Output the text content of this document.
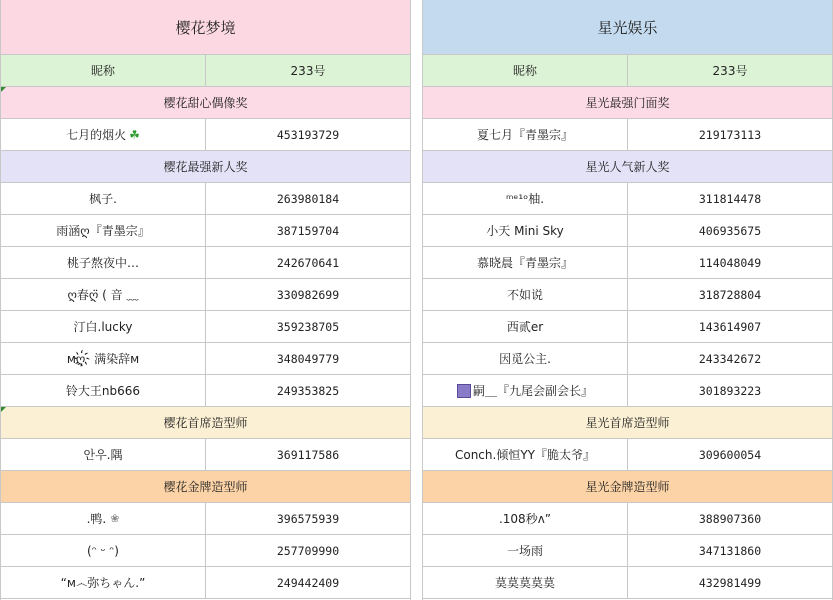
樱花梦境
昵称	233号
樱花甜心偶像奖
七月的烟火 ☘	453193729
樱花最强新人奖
枫子.	263980184
雨涵ღ『青墨宗』	387159704
桃子熬夜中…	242670641
ღ春ღ̈ ( 音 ﹏	330982699
汀白.lucky	359238705
ᴍღ҉ 满染辞ᴍ	348049779
铃大王nb666	249353825
樱花首席造型师
안우.隅	369117586
樱花金牌造型师
.鸭. ❀	396575939
(ᵔ ᵕ ᵔ)	257709990
“ᴍ෴弥ちゃん.”	249442409
星光娱乐
昵称	233号
星光最强门面奖
夏七月『青墨宗』	219173113
星光人气新人奖
ᵐᵉ¹ᵒ柚.	311814478
小天 Mini Sky	406935675
慕晓晨『青墨宗』	114048049
不如说	318728804
西贰er	143614907
因觅公主.	243342672
嗣＿『九尾会副会长』	301893223
星光首席造型师
Conch.倾恒YY『脆太爷』	309600054
星光金牌造型师
.108秒ᴧ”	388907360
一场雨	347131860
莫莫莫莫莫	432981499
